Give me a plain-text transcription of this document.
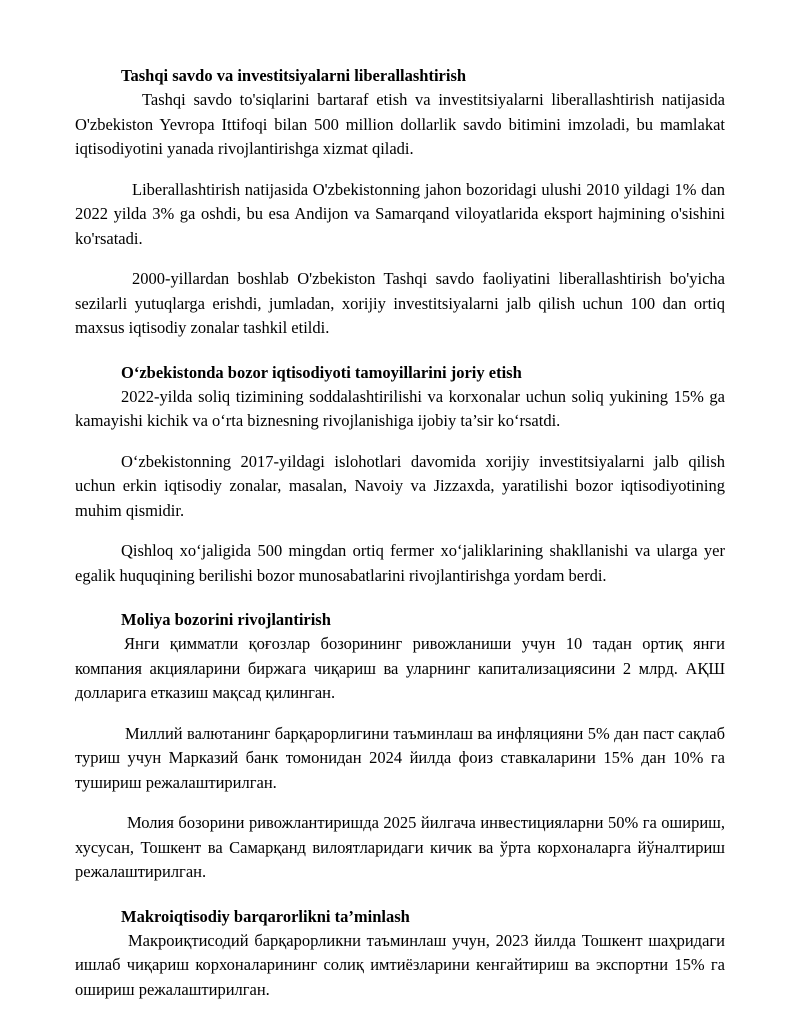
Tashqi savdo va investitsiyalarni liberallashtirish

Tashqi savdo to'siqlarini bartaraf etish va investitsiyalarni liberallashtirish natijasida O'zbekiston Yevropa Ittifoqi bilan 500 million dollarlik savdo bitimini imzoladi, bu mamlakat iqtisodiyotini yanada rivojlantirishga xizmat qiladi.

Liberallashtirish natijasida O'zbekistonning jahon bozoridagi ulushi 2010 yildagi 1% dan 2022 yilda 3% ga oshdi, bu esa Andijon va Samarqand viloyatlarida eksport hajmining o'sishini ko'rsatadi.

2000-yillardan boshlab O'zbekiston Tashqi savdo faoliyatini liberallashtirish bo'yicha sezilarli yutuqlarga erishdi, jumladan, xorijiy investitsiyalarni jalb qilish uchun 100 dan ortiq maxsus iqtisodiy zonalar tashkil etildi.

O‘zbekistonda bozor iqtisodiyoti tamoyillarini joriy etish

2022-yilda soliq tizimining soddalashtirilishi va korxonalar uchun soliq yukining 15% ga kamayishi kichik va o‘rta biznesning rivojlanishiga ijobiy ta’sir ko‘rsatdi.

O‘zbekistonning 2017-yildagi islohotlari davomida xorijiy investitsiyalarni jalb qilish uchun erkin iqtisodiy zonalar, masalan, Navoiy va Jizzaxda, yaratilishi bozor iqtisodiyotining muhim qismidir.

Qishloq xo‘jaligida 500 mingdan ortiq fermer xo‘jaliklarining shakllanishi va ularga yer egalik huquqining berilishi bozor munosabatlarini rivojlantirishga yordam berdi.

Moliya bozorini rivojlantirish

Янги қимматли қоғозлар бозорининг ривожланиши учун 10 тадан ортиқ янги компания акцияларини биржага чиқариш ва уларнинг капитализациясини 2 млрд. АҚШ долларига етказиш мақсад қилинган.

Миллий валютанинг барқарорлигини таъминлаш ва инфляцияни 5% дан паст сақлаб туриш учун Марказий банк томонидан 2024 йилда фоиз ставкаларини 15% дан 10% га тушириш режалаштирилган.

Молия бозорини ривожлантиришда 2025 йилгача инвестицияларни 50% га ошириш, хусусан, Тошкент ва Самарқанд вилоятларидаги кичик ва ўрта корхоналарга йўналтириш режалаштирилган.

Makroiqtisodiy barqarorlikni ta’minlash

Макроиқтисодий барқарорликни таъминлаш учун, 2023 йилда Тошкент шаҳридаги ишлаб чиқариш корхоналарининг солиқ имтиёзларини кенгайтириш ва экспортни 15% га ошириш режалаштирилган.
